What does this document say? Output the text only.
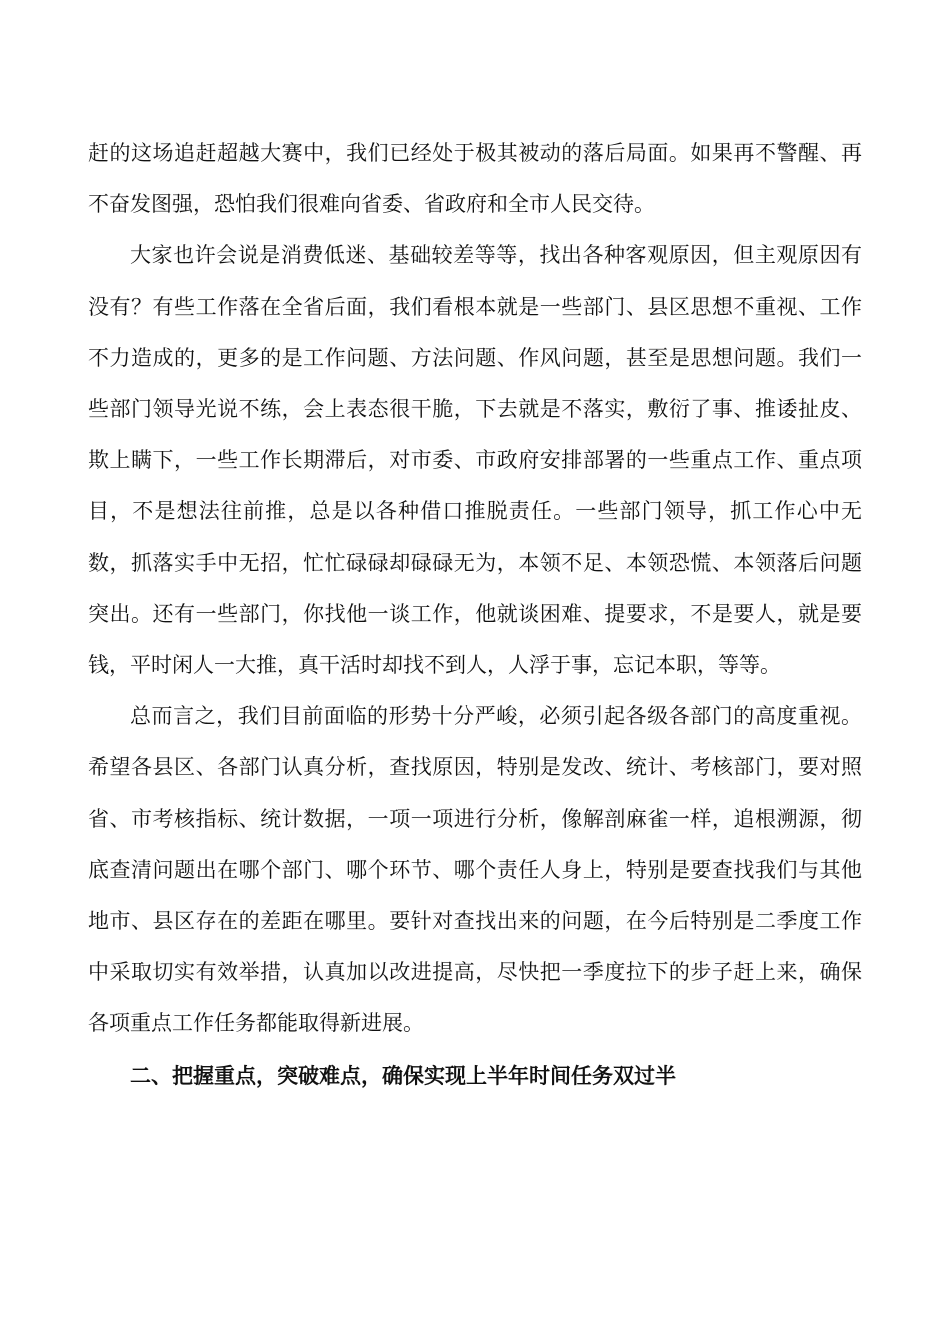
赶的这场追赶超越大赛中，我们已经处于极其被动的落后局面。如果再不警醒、再不奋发图强，恐怕我们很难向省委、省政府和全市人民交待。

大家也许会说是消费低迷、基础较差等等，找出各种客观原因，但主观原因有没有？有些工作落在全省后面，我们看根本就是一些部门、县区思想不重视、工作不力造成的，更多的是工作问题、方法问题、作风问题，甚至是思想问题。我们一些部门领导光说不练，会上表态很干脆，下去就是不落实，敷衍了事、推诿扯皮、欺上瞒下，一些工作长期滞后，对市委、市政府安排部署的一些重点工作、重点项目，不是想法往前推，总是以各种借口推脱责任。一些部门领导，抓工作心中无数，抓落实手中无招，忙忙碌碌却碌碌无为，本领不足、本领恐慌、本领落后问题突出。还有一些部门，你找他一谈工作，他就谈困难、提要求，不是要人，就是要钱，平时闲人一大推，真干活时却找不到人，人浮于事，忘记本职，等等。

总而言之，我们目前面临的形势十分严峻，必须引起各级各部门的高度重视。希望各县区、各部门认真分析，查找原因，特别是发改、统计、考核部门，要对照省、市考核指标、统计数据，一项一项进行分析，像解剖麻雀一样，追根溯源，彻底查清问题出在哪个部门、哪个环节、哪个责任人身上，特别是要查找我们与其他地市、县区存在的差距在哪里。要针对查找出来的问题，在今后特别是二季度工作中采取切实有效举措，认真加以改进提高，尽快把一季度拉下的步子赶上来，确保各项重点工作任务都能取得新进展。

二、把握重点，突破难点，确保实现上半年时间任务双过半
